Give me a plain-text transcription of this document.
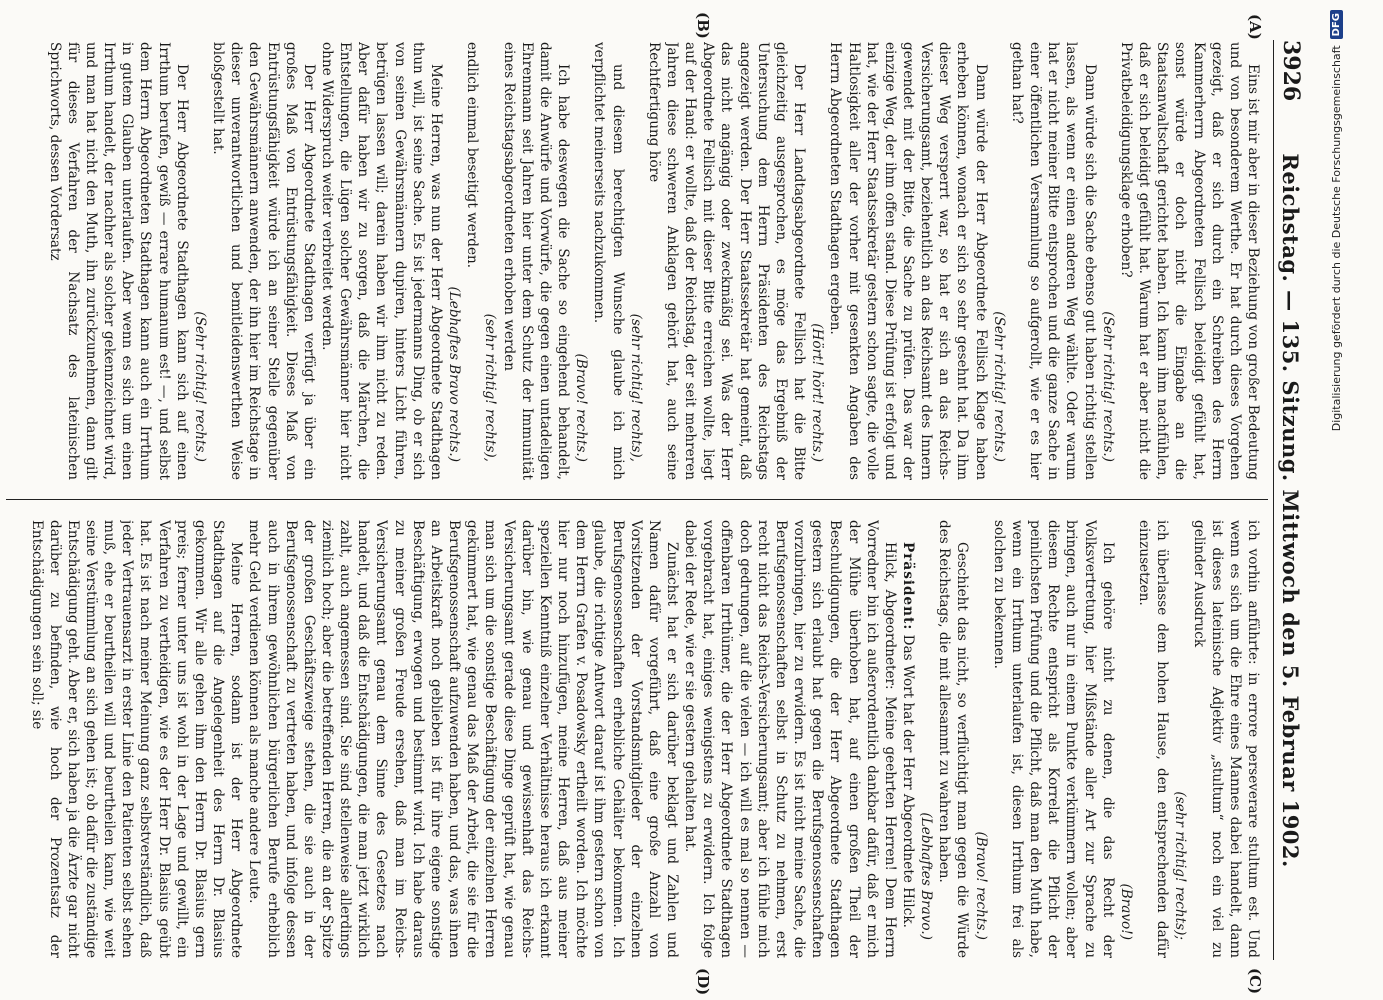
3926
Reichstag. — 135. Sitzung. Mittwoch den 5. Februar 1902.
(A)
(B)
(C)
(D)

Eins ist mir aber in dieser Beziehung von großer Bedeutung und von besonderem Werthe. Er hat durch dieses Vorgehen gezeigt, daß er sich durch ein Schreiben des Herrn Kammerherrn Abgeordneten Fellisch beleidigt gefühlt hat, sonst würde er doch nicht die Eingabe an die Staatsanwaltschaft gerichtet haben. Ich kann ihm nachfühlen, daß er sich beleidigt gefühlt hat. Warum hat er aber nicht die Privatbeleidigungsklage erhoben?

(Sehr richtig! rechts.)

Dann würde sich die Sache ebenso gut haben richtig stellen lassen, als wenn er einen anderen Weg wählte. Oder warum hat er nicht meiner Bitte entsprochen und die ganze Sache in einer öffentlichen Versammlung so aufgerollt, wie er es hier gethan hat?

(Sehr richtig! rechts.)

Dann würde der Herr Abgeordnete Fellisch Klage haben erheben können, wonach er sich so sehr gesehnt hat. Da ihm dieser Weg versperrt war, so hat er sich an das Reichs-Versicherungsamt, beziehentlich an das Reichsamt des Innern gewendet mit der Bitte, die Sache zu prüfen. Das war der einzige Weg, der ihm offen stand. Diese Prüfung ist erfolgt und hat, wie der Herr Staatssekretär gestern schon sagte, die volle Haltlosigkeit aller der vorher mit gesenkten Angaben des Herrn Abgeordneten Stadthagen ergeben.

(Hört! hört! rechts.)

Der Herr Landtagsabgeordnete Fellisch hat die Bitte gleichzeitig ausgesprochen, es möge das Ergebniß der Untersuchung dem Herrn Präsidenten des Reichstags angezeigt werden. Der Herr Staatssekretär hat gemeint, daß das nicht angängig oder zweckmäßig sei. Was der Herr Abgeordnete Fellisch mit dieser Bitte erreichen wollte, liegt auf der Hand: er wollte, daß der Reichstag, der seit mehreren Jahren diese schweren Anklagen gehört hat, auch seine Rechtfertigung höre

(sehr richtig! rechts),

und diesem berechtigten Wunsche glaube ich mich verpflichtet meinerseits nachzukommen.

(Bravo! rechts.)

Ich habe deswegen die Sache so eingehend behandelt, damit die Anwürfe und Vorwürfe, die gegen einen untadeligen Ehrenmann seit Jahren hier unter dem Schutz der Immunität eines Reichstagsabgeordneten erhoben werden

(sehr richtig! rechts),

endlich einmal beseitigt werden.

(Lebhaftes Bravo rechts.)

Meine Herren, was nun der Herr Abgeordnete Stadthagen thun will, ist seine Sache. Es ist jedermanns Ding, ob er sich von seinen Gewährsmännern dupiren, hinters Licht führen, betrügen lassen will; darein haben wir ihm nicht zu reden. Aber dafür haben wir zu sorgen, daß die Märchen, die Entstellungen, die Lügen solcher Gewährsmänner hier nicht ohne Widerspruch weiter verbreitet werden.

Der Herr Abgeordnete Stadthagen verfügt ja über ein großes Maß von Entrüstungsfähigkeit. Dieses Maß von Entrüstungsfähigkeit würde ich an seiner Stelle gegenüber den Gewährsmännern anwenden, der ihn hier im Reichstage in dieser unverantwortlichen und bemitleidenswerthen Weise bloßgestellt hat.

(Sehr richtig! rechts.)

Der Herr Abgeordnete Stadthagen kann sich auf einen Irrthum berufen, gewiß — errare humanum est! —, und selbst dem Herrn Abgeordneten Stadthagen kann auch ein Irrthum in gutem Glauben unterlaufen. Aber wenn es sich um einen Irrthum handelt, der nachher als solcher gekennzeichnet wird, und man hat nicht den Muth, ihn zurückzunehmen, dann gilt für dieses Verfahren der Nachsatz des lateinischen Sprichworts, dessen Vordersatz

ich vorhin anführte: in errore perseverare stultum est. Und wenn es sich um die Ehre eines Mannes dabei handelt, dann ist dieses lateinische Adjektiv „stultum“ noch ein viel zu gelinder Ausdruck

(sehr richtig! rechts);

ich überlasse dem hohen Hause, den entsprechenden dafür einzusetzen.

(Bravo!)

Ich gehöre nicht zu denen, die das Recht der Volksvertretung, hier Mißstände aller Art zur Sprache zu bringen, auch nur in einem Punkte verkümmern wollen; aber diesem Rechte entspricht als Korrelat die Pflicht der peinlichsten Prüfung und die Pflicht, daß man den Muth habe, wenn ein Irrthum unterlaufen ist, diesen Irrthum frei als solchen zu bekennen.

(Bravo! rechts.)

Geschieht das nicht, so verflüchtigt man gegen die Würde des Reichstags, die mit allesammt zu wahren haben.

(Lebhaftes Bravo.)

Präsident: Das Wort hat der Herr Abgeordnete Hilck.

Hilck, Abgeordneter: Meine geehrten Herren! Dem Herrn Vorredner bin ich außerordentlich dankbar dafür, daß er mich der Mühe überhoben hat, auf einen großen Theil der Beschuldigungen, die der Herr Abgeordnete Stadthagen gestern sich erlaubt hat gegen die Berufsgenossenschaften vorzubringen, hier zu erwidern. Es ist nicht meine Sache, die Berufsgenossenschaften selbst in Schutz zu nehmen, erst recht nicht das Reichs-Versicherungsamt; aber ich fühle mich doch gedrungen, auf die vielen — ich will es mal so nennen — offenbaren Irrthümer, die der Herr Abgeordnete Stadthagen vorgebracht hat, einiges wenigstens zu erwidern. Ich folge dabei der Rede, wie er sie gestern gehalten hat.

Zunächst hat er sich darüber beklagt und Zahlen und Namen dafür vorgeführt, daß eine große Anzahl von Vorsitzenden der Vorstandsmitglieder der einzelnen Berufsgenossenschaften erhebliche Gehälter bekommen. Ich glaube, die richtige Antwort darauf ist ihm gestern schon von dem Herrn Grafen v. Posadowsky ertheilt worden. Ich möchte hier nur noch hinzufügen, meine Herren, daß aus meiner speziellen Kenntniß einzelner Verhältnisse heraus ich erkannt darüber bin, wie genau und gewissenhaft das Reichs-Versicherungsamt gerade diese Dinge geprüft hat, wie genau man sich um die sonstige Beschäftigung der einzelnen Herren gekümmert hat, wie genau das Maß der Arbeit, die sie für die Berufsgenossenschaft aufzuwenden haben, und das, was ihnen an Arbeitskraft noch geblieben ist für ihre eigene sonstige Beschäftigung, erwogen und bestimmt wird. Ich habe daraus zu meiner großen Freude ersehen, daß man im Reichs-Versicherungsamt genau dem Sinne des Gesetzes nach handelt, und daß die Entschädigungen, die man jetzt wirklich zahlt, auch angemessen sind. Sie sind stellenweise allerdings ziemlich hoch; aber die betreffenden Herren, die an der Spitze der großen Geschäftszweige stehen, die sie auch in der Berufsgenossenschaft zu vertreten haben, und infolge dessen auch in ihrem gewöhnlichen bürgerlichen Berufe erheblich mehr Geld verdienen können als manche andere Leute.

Meine Herren, sodann ist der Herr Abgeordnete Stadthagen auf die Angelegenheit des Herrn Dr. Blasius gekommen. Wir alle gehen ihm den Herrn Dr. Blasius gern preis; ferner unter uns ist wohl in der Lage und gewillt, ein Verfahren zu vertheidigen, wie es der Herr Dr. Blasius geübt hat. Es ist nach meiner Meinung ganz selbstverständlich, daß jeder Vertrauensarzt in erster Linie den Patienten selbst sehen muß, ehe er beurtheilen will und beurtheilen kann, wie weit seine Verstümmlung an sich gehen ist; ob dafür die zuständige Entschädigung geht. Aber er, sich haben ja die Ärzte gar nicht darüber zu befinden, wie hoch der Prozentsatz der Entschädigungen sein soll; sie

Digitalisierung gefördert durch die Deutsche Forschungsgemeinschaft
DFG
